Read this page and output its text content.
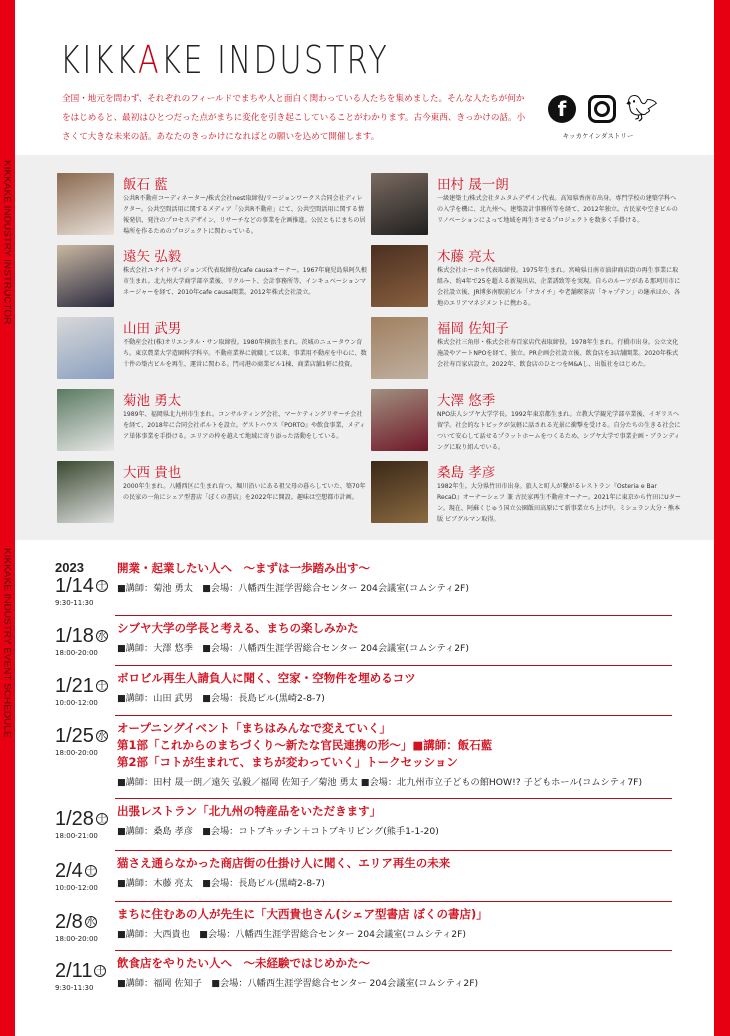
KIKKAKE INDUSTRY INSTRUCTOR
KIKKAKE INDUSTRY EVENT SCHEDULE
KIKKAKE INDUSTRY

全国・地元を問わず、それぞれのフィールドでまちや人と面白く関わっている人たちを集めました。そんな人たちが何かをはじめると、最初はひとつだった点がまちに変化を引き起こしていることがわかります。古今東西、きっかけの話。小さくて大きな未来の話。あなたのきっかけになればとの願いを込めて開催します。

f	🐦︎
キッカケインダストリー
飯石 藍
公共R不動産コーディネーター/株式会社nest取締役/リージョンワークス合同会社ディレクター。公共空間活用に関するメディア「公共R不動産」にて、公共空間活用に関する情報発信、発注のプロセスデザイン、リサーチなどの事業を企画推進。公民ともにまちの居場所を作るためのプロジェクトに関わっている。
遠矢 弘毅
株式会社ユナイトヴィジョンズ代表取締役/cafe causaオーナー。1967年鹿児島県阿久根市生まれ。北九州大学商学部卒業後、リクルート、会計事務所等、インキュベーションマネージャーを経て、2010年cafe causa開業。2012年株式会社設立。
山田 武男
不動産会社(株)オリエンタル・サン取締役。1980年横浜生まれ。茨城のニュータウン育ち。東京農業大学造園科学科卒。不動産業界に就職して以来、事業用不動産を中心に、数十件の築古ビルを再生、運営に関わる。門司港の商業ビル1棟、商業店舗1軒に投資。
菊池 勇太
1989年、福岡県北九州市生まれ。コンサルティング会社、マーケティングリサーチ会社を経て、2018年に合同会社ポルトを設立。ゲストハウス『PORTO』や飲食事業、メディア単体事業を手掛ける。エリアの枠を越えて地域に寄り添った活動をしている。
大西 貴也
2000年生まれ。八幡西区に生まれ育つ。堀川沿いにある祖父母の暮らしていた、築70年の民家の一角にシェア型書店「ぼくの書店」を2022年に開設。趣味は空想都市計画。
田村 晟一朗
一級建築士/株式会社タムタムデザイン代表。高知県香南市出身。専門学校の建築学科への入学を機に、北九州へ。建築設計事務所等を経て、2012年独立。古民家や空きビルのリノベーションによって地域を再生させるプロジェクトを数多く手掛ける。
木藤 亮太
株式会社ホーホゥ代表取締役。1975年生まれ。宮崎県日南市油津商店街の再生事業に取組み、約4年で25を超える新規出店、企業誘致等を実現。自らのルーツがある那珂川市に会社設立後、JR博多南駅前ビル「ナカイチ」や老舗喫茶店「キャプテン」の継承ほか、各地のエリアマネジメントに携わる。
福岡 佐知子
株式会社三角形・株式会社寿百家店代表取締役。1978年生まれ。行橋市出身。公立文化施設やアートNPOを経て、独立。PR企画会社設立後、飲食店を3店舗開業。2020年株式会社寿百家店設立。2022年、飲食店のひとつをM&Aし、出版社をはじめた。
大澤 悠季
NPO法人シブヤ大学学長。1992年東京都生まれ。立教大学観光学部卒業後、イギリスへ留学。社会的なトピックが気軽に話される光景に衝撃を受ける。自分たちの生きる社会について安心して話せるプラットホームをつくるため、シブヤ大学で事業企画・ブランディングに取り組んでいる。
桑島 孝彦
1982年生。大分県竹田市出身。旅人と町人が繋がるレストラン『Osteria e Bar RecaD』オーナーシェフ 兼 古民家再生不動産オーナー。2021年に東京から竹田にUターン。現在、阿蘇くじゅう国立公園飯田高原にて新事業立ち上げ中。ミシュラン大分・熊本版 ビブグルマン取得。
2023
1/14 土
9:30-11:30
開業・起業したい人へ　～まずは一歩踏み出す～
■講師：菊池 勇太　■会場：八幡西生涯学習総合センター 204会議室(コムシティ2F)
1/18 水
18:00-20:00
シブヤ大学の学長と考える、まちの楽しみかた
■講師：大澤 悠季　■会場：八幡西生涯学習総合センター 204会議室(コムシティ2F)
1/21 土
10:00-12:00
ボロビル再生人請負人に聞く、空家・空物件を埋めるコツ
■講師：山田 武男　■会場：長島ビル(黒崎2-8-7)
1/25 水
18:00-20:00
オープニングイベント「まちはみんなで変えていく」
第1部「これからのまちづくり～新たな官民連携の形～」■講師：飯石藍
第2部「コトが生まれて、まちが変わっていく」トークセッション
■講師：田村 晟一朗／遠矢 弘毅／福岡 佐知子／菊池 勇太 ■会場：北九州市立子どもの館HOW!? 子どもホール(コムシティ7F)
1/28 土
18:00-21:00
出張レストラン「北九州の特産品をいただきます」
■講師：桑島 孝彦　■会場：コトブキッチン＋コトブキリビング(熊手1-1-20)
2/4 土
10:00-12:00
猫さえ通らなかった商店街の仕掛け人に聞く、エリア再生の未来
■講師：木藤 亮太　■会場：長島ビル(黒崎2-8-7)
2/8 水
18:00-20:00
まちに住むあの人が先生に「大西貴也さん(シェア型書店 ぼくの書店)」
■講師：大西貴也　■会場：八幡西生涯学習総合センター 204会議室(コムシティ2F)
2/11 土
9:30-11:30
飲食店をやりたい人へ　～未経験ではじめかた～
■講師：福岡 佐知子　■会場：八幡西生涯学習総合センター 204会議室(コムシティ2F)
